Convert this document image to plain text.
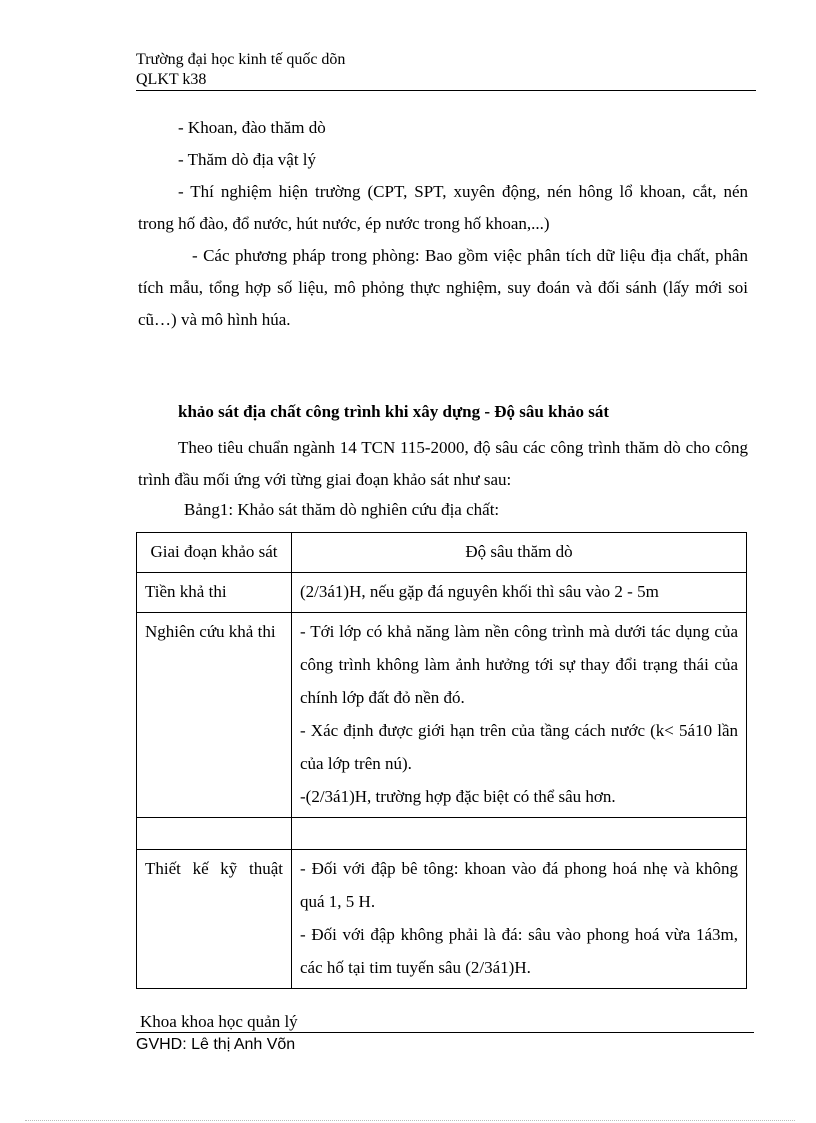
Trường đại học kinh tế quốc dõn
QLKT k38
- Khoan, đào thăm dò
- Thăm dò địa vật lý
- Thí nghiệm hiện trường (CPT, SPT, xuyên động, nén hông lổ khoan, cắt, nén trong hố đào, đổ nước, hút nước, ép nước trong hố khoan,...)
- Các phương pháp trong phòng: Bao gồm việc phân tích dữ liệu địa chất, phân tích mẫu, tổng hợp số liệu, mô phỏng thực nghiệm, suy đoán và đối sánh (lấy mới soi cũ…) và mô hình húa.
khảo sát địa chất công trình khi xây dựng - Độ sâu khảo sát
Theo tiêu chuẩn ngành 14 TCN 115-2000, độ sâu các công trình thăm dò cho công trình đầu mối ứng với từng giai đoạn khảo sát như sau:
Bảng1: Khảo sát thăm dò nghiên cứu địa chất:
Giai đoạn khảo sát	Độ sâu thăm dò
Tiền khả thi	(2/3á1)H, nếu gặp đá nguyên khối thì sâu vào 2 - 5m

Nghiên cứu khả thi	- Tới lớp có khả năng làm nền công trình mà dưới tác dụng của công trình không làm ảnh hưởng tới sự thay đổi trạng thái của chính lớp đất đỏ nền đó.
- Xác định được giới hạn trên của tầng cách nước (k< 5á10 lần của lớp trên nú).
-(2/3á1)H, trường hợp đặc biệt có thể sâu hơn.

Thiết kế kỹ thuật	- Đối với đập bê tông: khoan vào đá phong hoá nhẹ và không quá 1, 5 H.
- Đối với đập không phải là đá: sâu vào phong hoá vừa 1á3m, các hố tại tim tuyến sâu (2/3á1)H.
Khoa khoa học quản lý
GVHD: Lê thị Anh Võn
